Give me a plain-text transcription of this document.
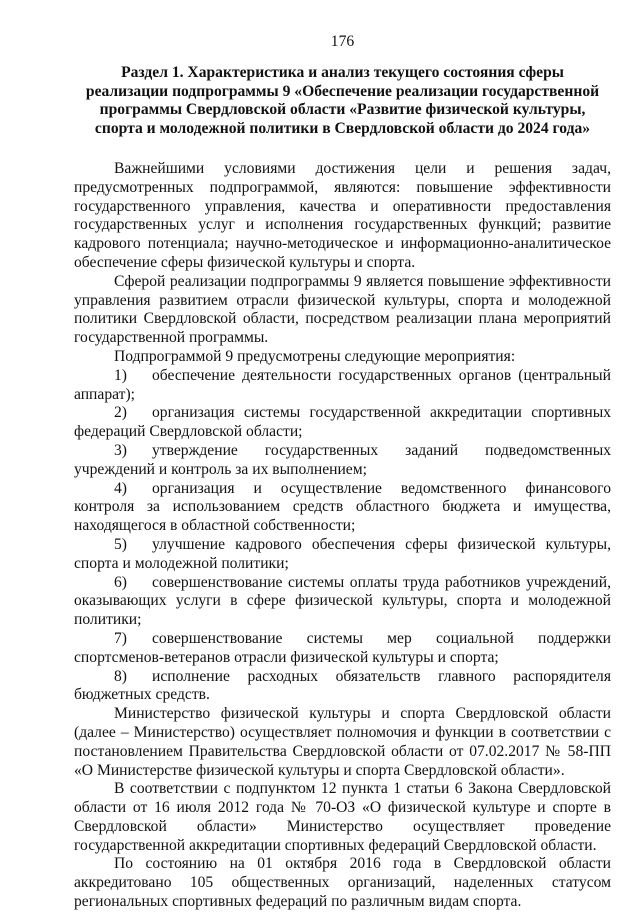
176
Раздел 1. Характеристика и анализ текущего состояния сферы реализации подпрограммы 9 «Обеспечение реализации государственной программы Свердловской области «Развитие физической культуры, спорта и молодежной политики в Свердловской области до 2024 года»

Важнейшими условиями достижения цели и решения задач, предусмотренных подпрограммой, являются: повышение эффективности государственного управления, качества и оперативности предоставления государственных услуг и исполнения государственных функций; развитие кадрового потенциала; научно-методическое и информационно-аналитическое обеспечение сферы физической культуры и спорта.

Сферой реализации подпрограммы 9 является повышение эффективности управления развитием отрасли физической культуры, спорта и молодежной политики Свердловской области, посредством реализации плана мероприятий государственной программы.

Подпрограммой 9 предусмотрены следующие мероприятия:

1) обеспечение деятельности государственных органов (центральный аппарат);

2) организация системы государственной аккредитации спортивных федераций Свердловской области;

3) утверждение государственных заданий подведомственных учреждений и контроль за их выполнением;

4) организация и осуществление ведомственного финансового контроля за использованием средств областного бюджета и имущества, находящегося в областной собственности;

5) улучшение кадрового обеспечения сферы физической культуры, спорта и молодежной политики;

6) совершенствование системы оплаты труда работников учреждений, оказывающих услуги в сфере физической культуры, спорта и молодежной политики;

7) совершенствование системы мер социальной поддержки спортсменов-ветеранов отрасли физической культуры и спорта;

8) исполнение расходных обязательств главного распорядителя бюджетных средств.

Министерство физической культуры и спорта Свердловской области (далее – Министерство) осуществляет полномочия и функции в соответствии с постановлением Правительства Свердловской области от 07.02.2017 № 58-ПП «О Министерстве физической культуры и спорта Свердловской области».

В соответствии с подпунктом 12 пункта 1 статьи 6 Закона Свердловской области от 16 июля 2012 года № 70-ОЗ «О физической культуре и спорте в Свердловской области» Министерство осуществляет проведение государственной аккредитации спортивных федераций Свердловской области.

По состоянию на 01 октября 2016 года в Свердловской области аккредитовано 105 общественных организаций, наделенных статусом региональных спортивных федераций по различным видам спорта.
